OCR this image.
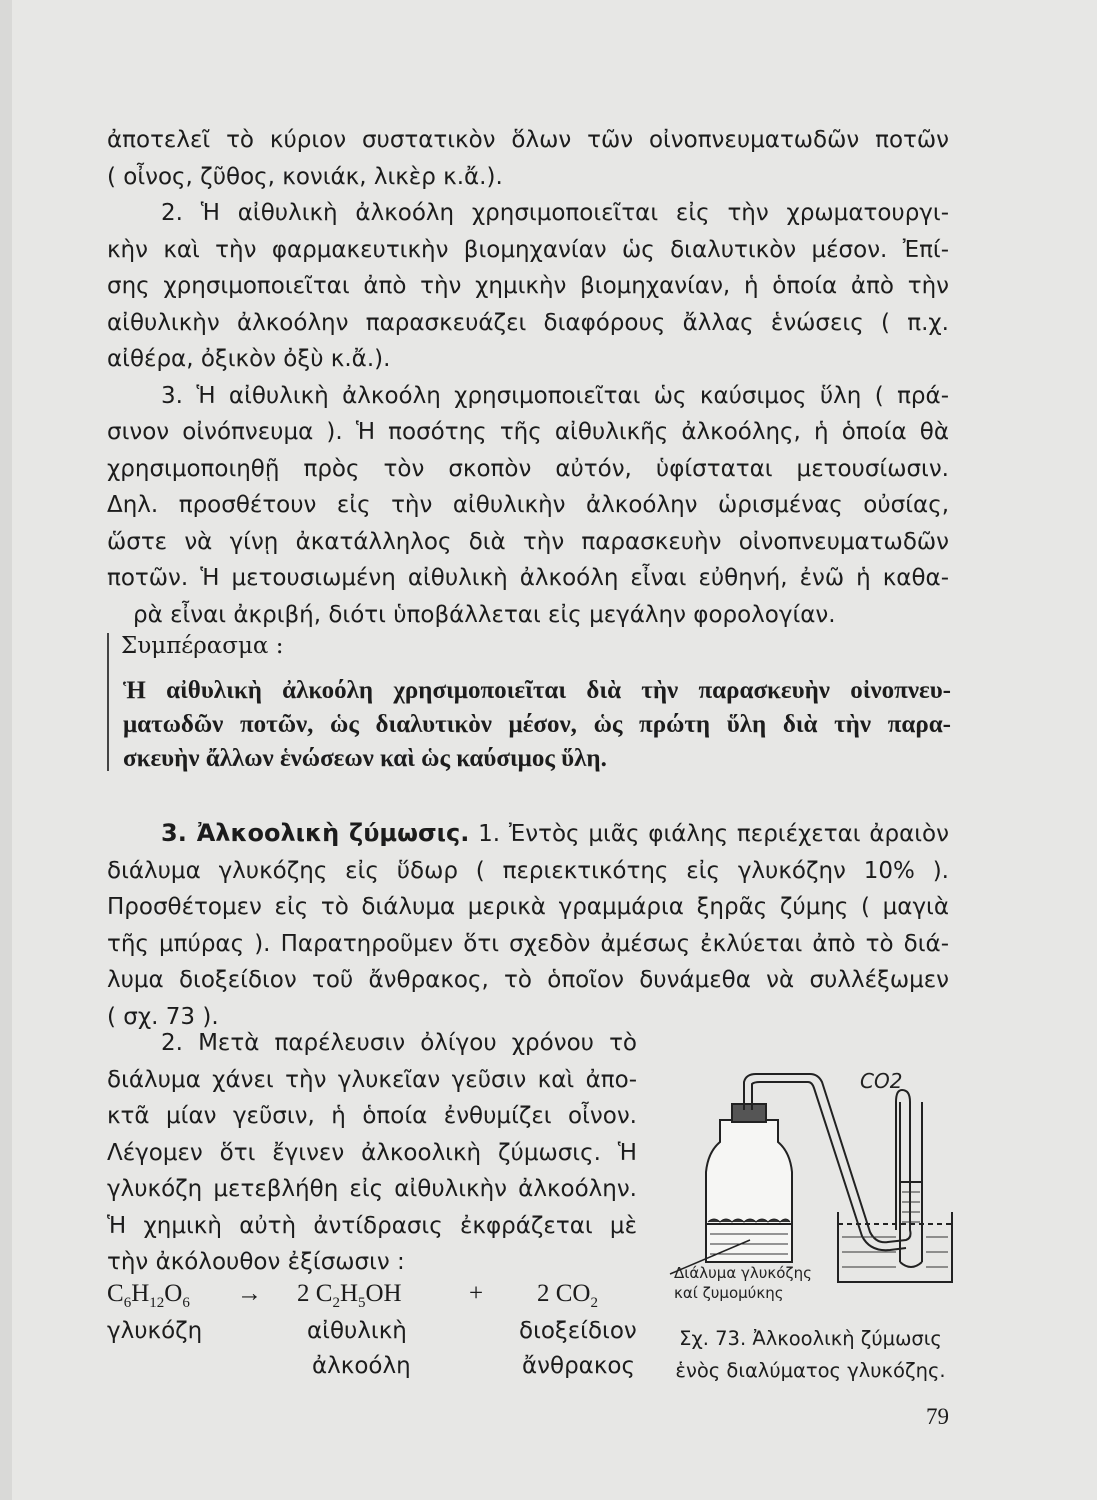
ἀποτελεῖ τὸ κύριον συστατικὸν ὅλων τῶν οἰνοπνευματωδῶν ποτῶν
( οἶνος, ζῦθος, κονιάκ, λικὲρ κ.ἄ.).
2. Ἡ αἰθυλικὴ ἀλκοόλη χρησιμοποιεῖται εἰς τὴν χρωματουργι-
κὴν καὶ τὴν φαρμακευτικὴν βιομηχανίαν ὡς διαλυτικὸν μέσον. Ἐπί-
σης χρησιμοποιεῖται ἀπὸ τὴν χημικὴν βιομηχανίαν, ἡ ὁποία ἀπὸ τὴν
αἰθυλικὴν ἀλκοόλην παρασκευάζει διαφόρους ἄλλας ἑνώσεις ( π.χ.
αἰθέρα, ὀξικὸν ὀξὺ κ.ἄ.).
3. Ἡ αἰθυλικὴ ἀλκοόλη χρησιμοποιεῖται ὡς καύσιμος ὕλη ( πρά-
σινον οἰνόπνευμα ). Ἡ ποσότης τῆς αἰθυλικῆς ἀλκοόλης, ἡ ὁποία θὰ
χρησιμοποιηθῇ πρὸς τὸν σκοπὸν αὐτόν, ὑφίσταται μετουσίωσιν.
Δηλ. προσθέτουν εἰς τὴν αἰθυλικὴν ἀλκοόλην ὡρισμένας οὐσίας,
ὥστε νὰ γίνῃ ἀκατάλληλος διὰ τὴν παρασκευὴν οἰνοπνευματωδῶν
ποτῶν. Ἡ μετουσιωμένη αἰθυλικὴ ἀλκοόλη εἶναι εὐθηνή, ἐνῶ ἡ καθα-
ρὰ εἶναι ἀκριβή, διότι ὑποβάλλεται εἰς μεγάλην φορολογίαν.
Συμπέρασμα :
Ἡ αἰθυλικὴ ἀλκοόλη χρησιμοποιεῖται διὰ τὴν παρασκευὴν οἰνοπνευ-
ματωδῶν ποτῶν, ὡς διαλυτικὸν μέσον, ὡς πρώτη ὕλη διὰ τὴν παρα-
σκευὴν ἄλλων ἑνώσεων καὶ ὡς καύσιμος ὕλη.
3. Ἀλκοολικὴ ζύμωσις. 1. Ἐντὸς μιᾶς φιάλης περιέχεται ἀραιὸν
διάλυμα γλυκόζης εἰς ὕδωρ ( περιεκτικότης εἰς γλυκόζην 10% ).
Προσθέτομεν εἰς τὸ διάλυμα μερικὰ γραμμάρια ξηρᾶς ζύμης ( μαγιὰ
τῆς μπύρας ). Παρατηροῦμεν ὅτι σχεδὸν ἀμέσως ἐκλύεται ἀπὸ τὸ διά-
λυμα διοξείδιον τοῦ ἄνθρακος, τὸ ὁποῖον δυνάμεθα νὰ συλλέξωμεν
( σχ. 73 ).
2. Μετὰ παρέλευσιν ὀλίγου χρόνου τὸ
διάλυμα χάνει τὴν γλυκεῖαν γεῦσιν καὶ ἀπο-
κτᾶ μίαν γεῦσιν, ἡ ὁποία ἐνθυμίζει οἶνον.
Λέγομεν ὅτι ἔγινεν ἀλκοολικὴ ζύμωσις. Ἡ
γλυκόζη μετεβλήθη εἰς αἰθυλικὴν ἀλκοόλην.
Ἡ χημικὴ αὐτὴ ἀντίδρασις ἐκφράζεται μὲ
τὴν ἀκόλουθον ἐξίσωσιν :
$C_6H_{12}O_6 \to 2$ $C_2H_5OH$	+ 2 $CO_2$
γλυκόζη	αἰθυλικὴ
ἀλκοόλη
διοξείδιον
ἄνθρακος
CO2
Διάλυμα γλυκόζης
καί ζυμομύκης
Σχ. 73. Ἀλκοολικὴ ζύμωσις
ἑνὸς διαλύματος γλυκόζης.
79
